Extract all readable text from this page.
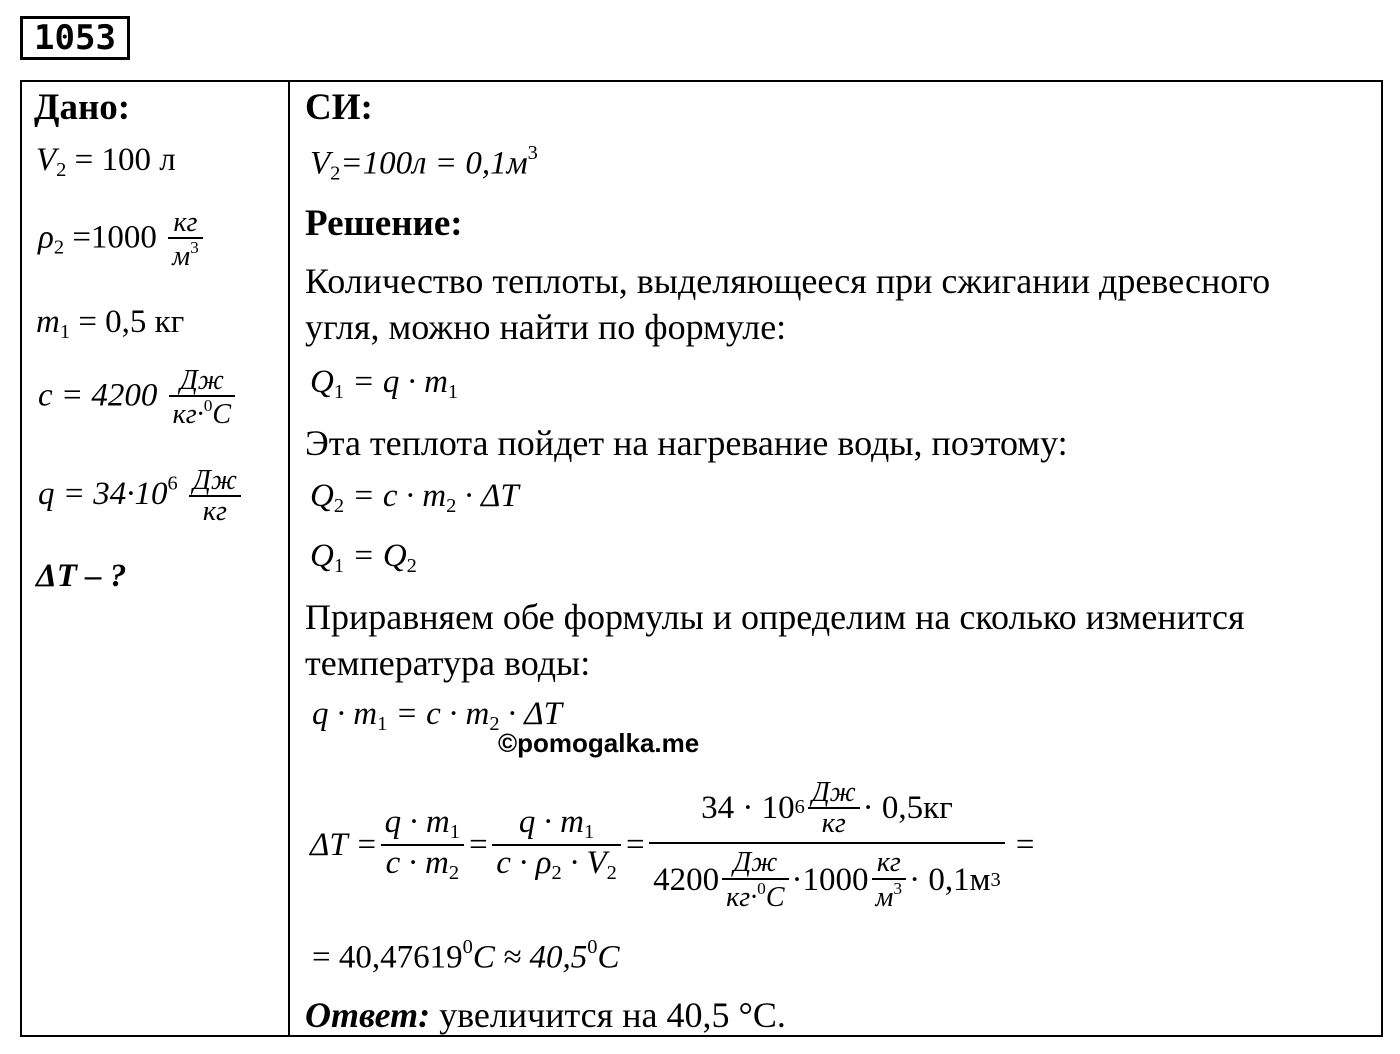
1053
Дано:
$V_2 = 100$ л
$\rho_2 =1000 \frac{кг}{м^3}$
$m_1 = 0,5$ кг
$c = 4200 \frac{Дж}{кг\cdot^0C}$
$q = 34\cdot 10^6 \frac{Дж}{кг}$
ΔT – ?
СИ:
$V_2=100л = 0,1м^3$
Решение:
Количество теплоты, выделяющееся при сжигании древесного
угля, можно найти по формуле:
$Q_1 = q \cdot m_1$
Эта теплота пойдет на нагревание воды, поэтому:
$Q_2 = c \cdot m_2 \cdot \Delta T$
$Q_1 = Q_2$
Приравняем обе формулы и определим на сколько изменится
температура воды:
$q \cdot m_1 = c \cdot m_2 \cdot \Delta T$
©pomogalka.me
$\Delta T = \frac{q \cdot m_1}{c \cdot m_2} = \frac{q \cdot m_1}{c \cdot \rho_2 \cdot V_2}$ =
34 · 10 $6 \frac{Дж}{кг} \cdot 0,5кг$
$4200 \frac{Дж}{кг\cdot^0C} \cdot 1000 \frac{кг}{м^3} \cdot 0,1м$ 3
=
= $40,47619^0C \approx 40,5^0C$
Ответ: увеличится на 40,5 °C.
